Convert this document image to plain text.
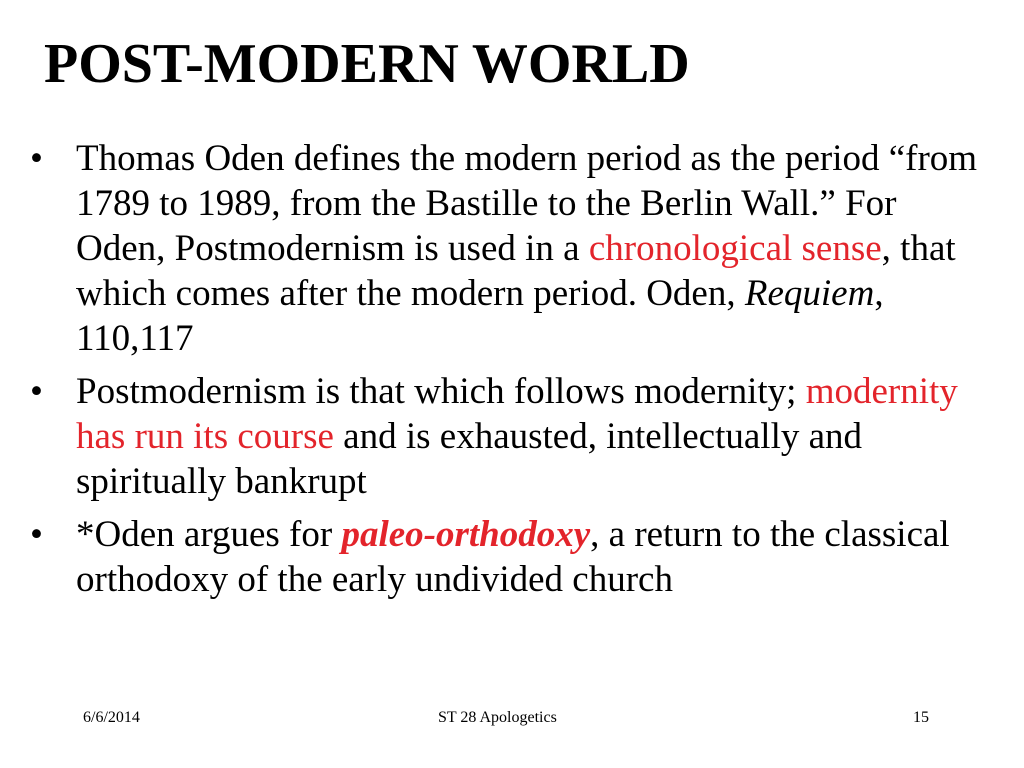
POST-MODERN WORLD
• Thomas Oden defines the modern period as the period “from 1789 to 1989, from the Bastille to the Berlin Wall.” For Oden, Postmodernism is used in a chronological sense, that which comes after the modern period. Oden, Requiem, 110,117
• Postmodernism is that which follows modernity; modernity has run its course and is exhausted, intellectually and spiritually bankrupt
• *Oden argues for paleo-orthodoxy, a return to the classical orthodoxy of the early undivided church
6/6/2014	ST 28 Apologetics	15
